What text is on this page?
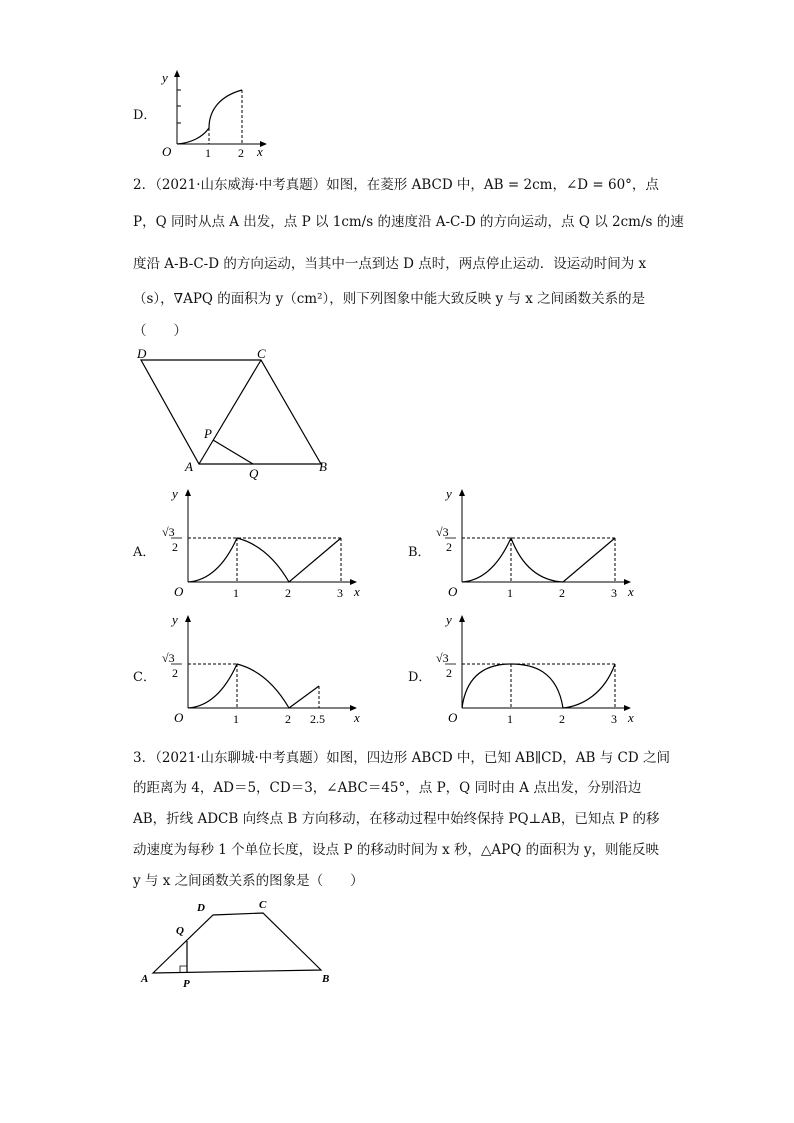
D．
y
O	1 2 x
2．（2021·山东威海·中考真题）如图，在菱形 ABCD 中，AB = 2cm，∠D = 60°，点
P，Q 同时从点 A 出发，点 P 以 1cm/s 的速度沿 A-C-D 的方向运动，点 Q 以 2cm/s 的速
度沿 A-B-C-D 的方向运动，当其中一点到达 D 点时，两点停止运动．设运动时间为 x
（s），∇APQ 的面积为 y（cm²），则下列图象中能大致反映 y 与 x 之间函数关系的是
（　　）
D	C
P
A	Q	B
A．	B．
C．	D．
y
√3
2
O	1	2	3 x
y
√3
2
O	1	2	3 x
y
√3
2
O	1	2 2.5 x
y
√3
2
O	1	2	3 x
3．（2021·山东聊城·中考真题）如图，四边形 ABCD 中，已知 AB∥CD，AB 与 CD 之间
的距离为 4，AD＝5，CD＝3，∠ABC＝45°，点 P，Q 同时由 A 点出发，分别沿边
AB，折线 ADCB 向终点 B 方向移动，在移动过程中始终保持 PQ⊥AB，已知点 P 的移
动速度为每秒 1 个单位长度，设点 P 的移动时间为 x 秒，△APQ 的面积为 y，则能反映
y 与 x 之间函数关系的图象是（　　）
D	C
Q
A	P	B
